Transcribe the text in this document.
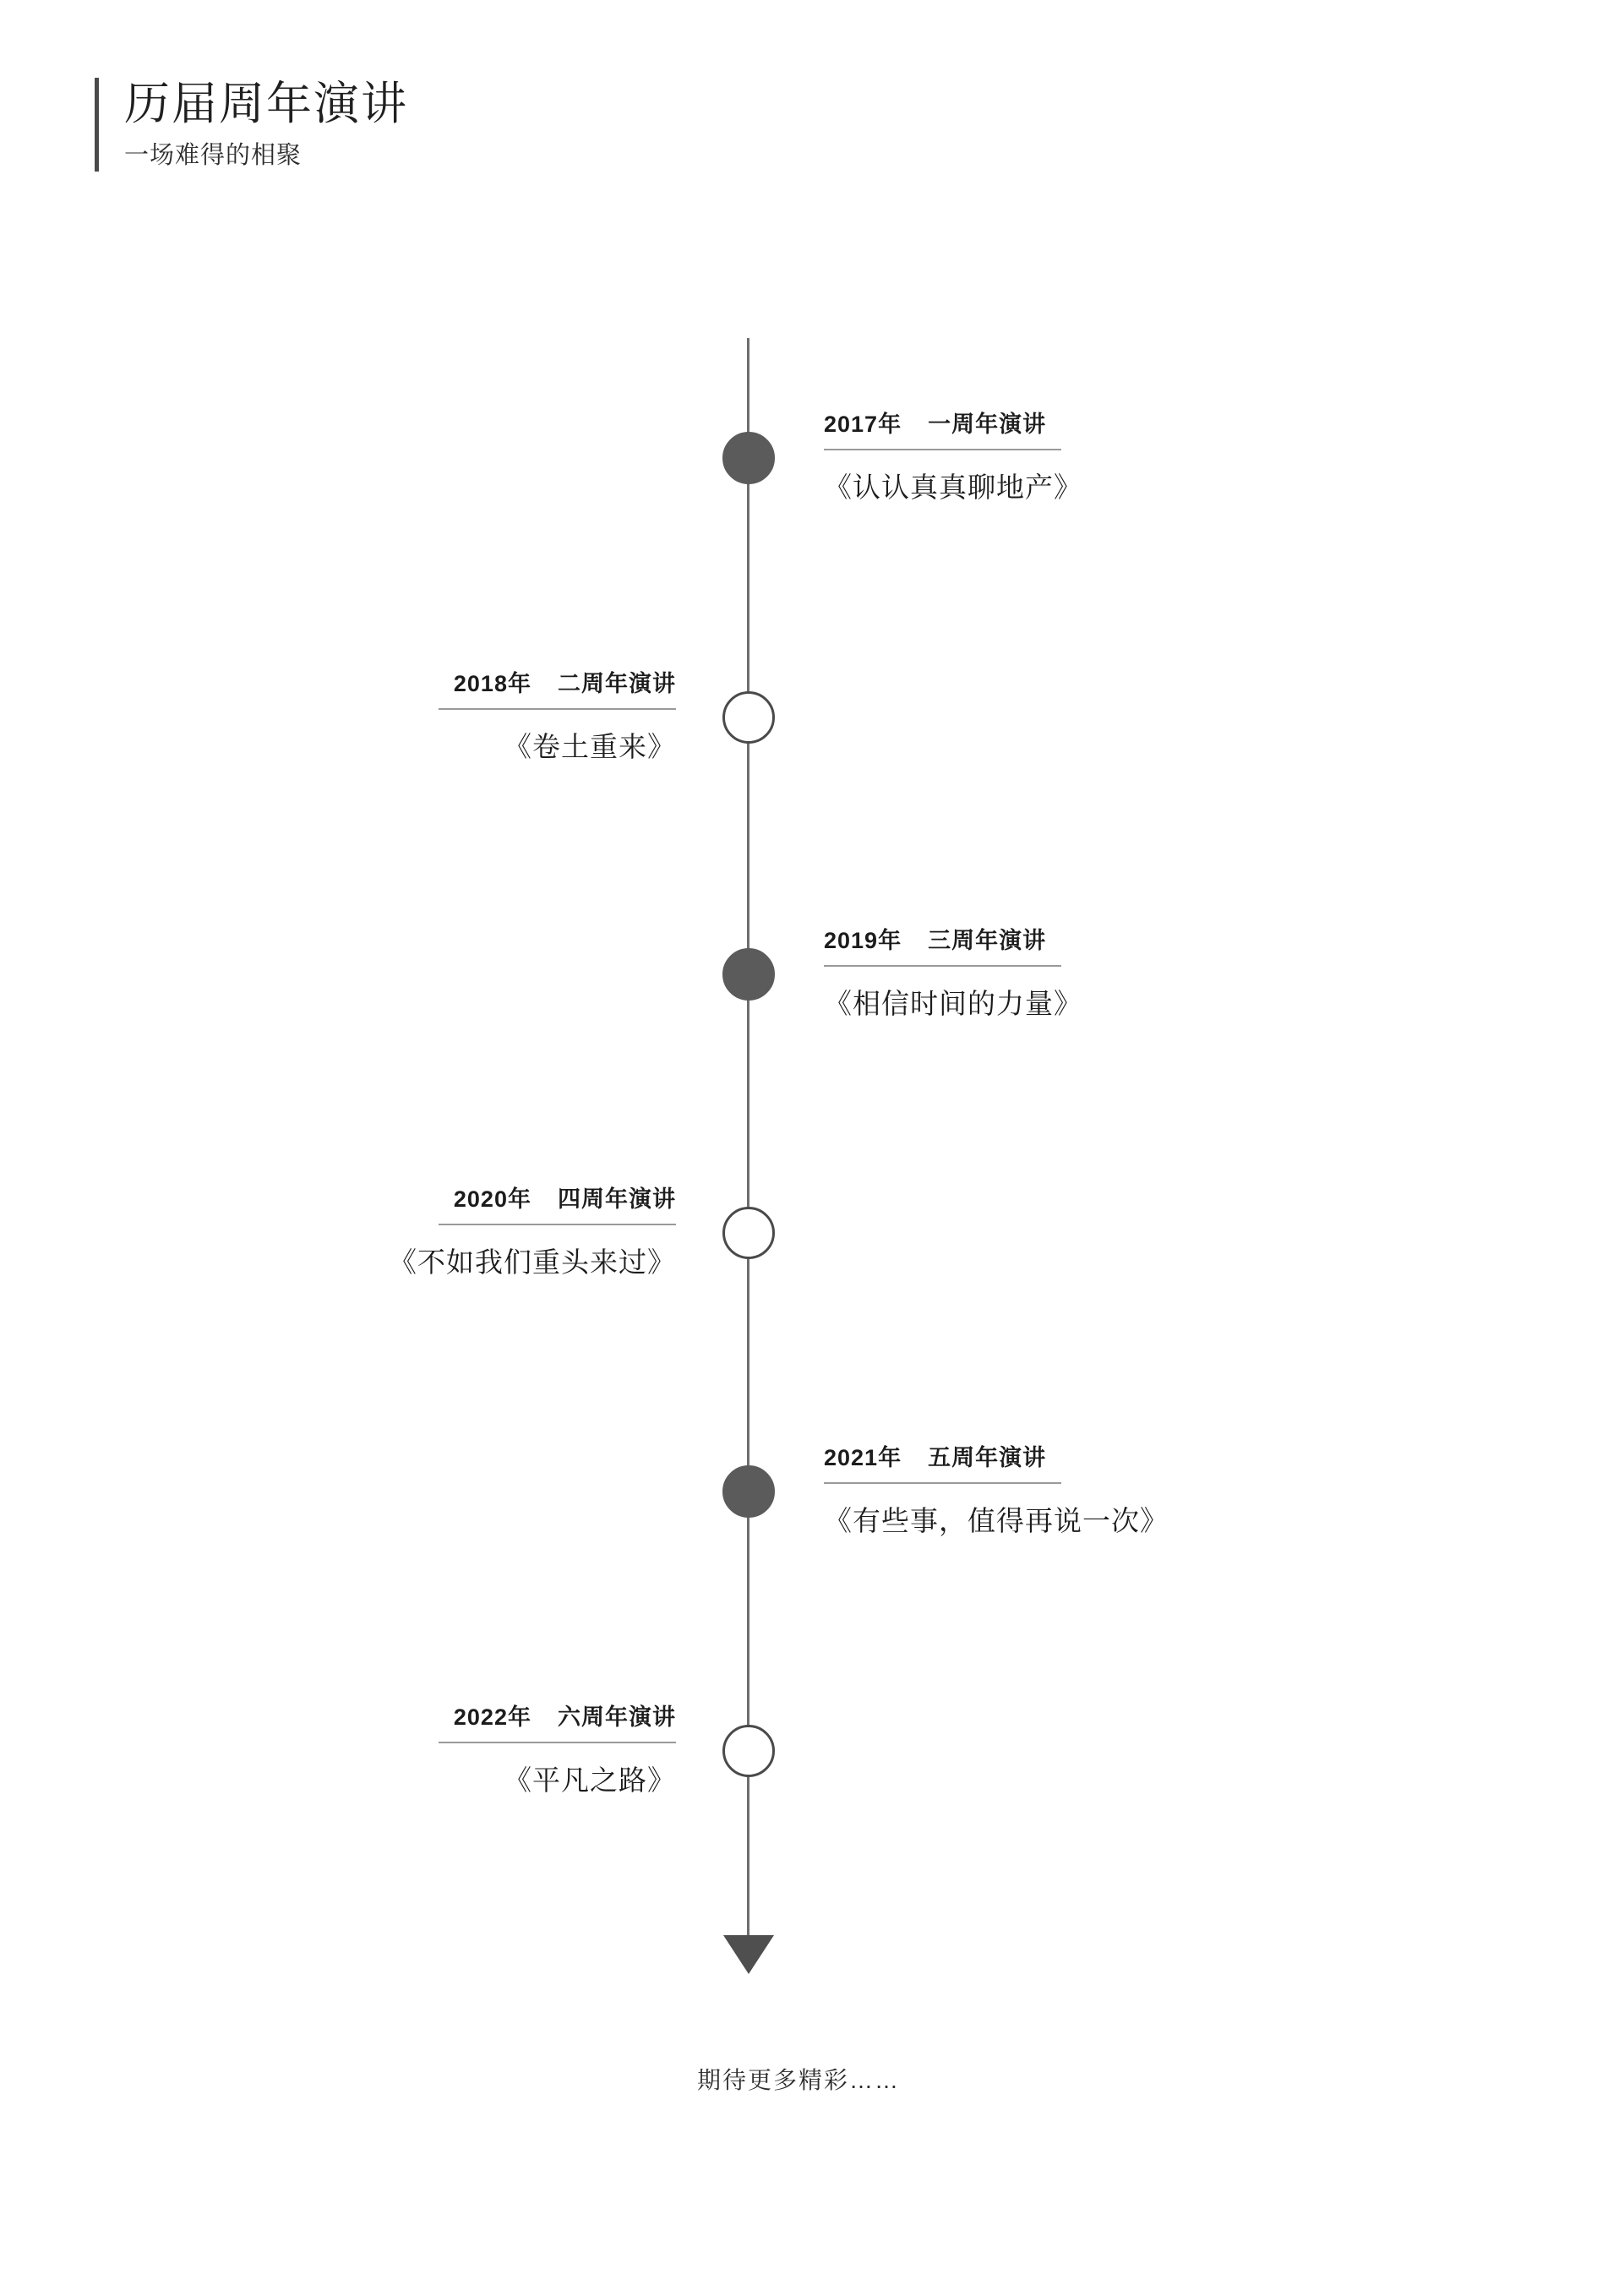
历届周年演讲
一场难得的相聚
2017年 一周年演讲
《认认真真聊地产》
2018年 二周年演讲
《卷土重来》
2019年 三周年演讲
《相信时间的力量》
2020年 四周年演讲
《不如我们重头来过》
2021年 五周年演讲
《有些事，值得再说一次》
2022年 六周年演讲
《平凡之路》
期待更多精彩……
